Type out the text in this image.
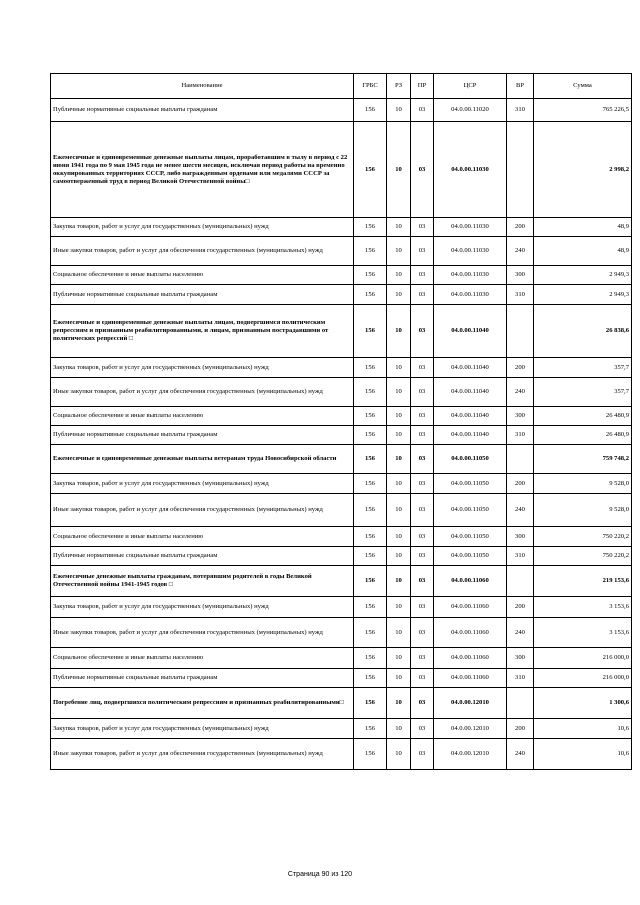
Наименование	ГРБС	РЗ	ПР	ЦСР	ВР	Сумма
Публичные нормативные социальные выплаты гражданам	156	10	03	04.0.00.11020	310	765 226,5
Ежемесячные и единовременные денежные выплаты лицам, проработавшим в тылу в период с 22 июня 1941 года по 9 мая 1945 года не менее шести месяцев, исключая период работы на временно оккупированных территориях СССР, либо награжденным орденами или медалями СССР за самоотверженный труд в период Великой Отечественной войны□	156	10	03	04.0.00.11030		2 998,2
Закупка товаров, работ и услуг для государственных (муниципальных) нужд	156	10	03	04.0.00.11030	200	48,9
Иные закупки товаров, работ и услуг для обеспечения государственных (муниципальных) нужд	156	10	03	04.0.00.11030	240	48,9
Социальное обеспечение и иные выплаты населению	156	10	03	04.0.00.11030	300	2 949,3
Публичные нормативные социальные выплаты гражданам	156	10	03	04.0.00.11030	310	2 949,3
Ежемесячные и единовременные денежные выплаты лицам, подвергшимся политическим репрессиям и признанным реабилитированными, и лицам, признанным пострадавшими от политических репрессий □	156	10	03	04.0.00.11040		26 838,6
Закупка товаров, работ и услуг для государственных (муниципальных) нужд	156	10	03	04.0.00.11040	200	357,7
Иные закупки товаров, работ и услуг для обеспечения государственных (муниципальных) нужд	156	10	03	04.0.00.11040	240	357,7
Социальное обеспечение и иные выплаты населению	156	10	03	04.0.00.11040	300	26 480,9
Публичные нормативные социальные выплаты гражданам	156	10	03	04.0.00.11040	310	26 480,9
Ежемесячные и единовременные денежные выплаты ветеранам труда Новосибирской области	156	10	03	04.0.00.11050		759 748,2
Закупка товаров, работ и услуг для государственных (муниципальных) нужд	156	10	03	04.0.00.11050	200	9 528,0
Иные закупки товаров, работ и услуг для обеспечения государственных (муниципальных) нужд	156	10	03	04.0.00.11050	240	9 528,0
Социальное обеспечение и иные выплаты населению	156	10	03	04.0.00.11050	300	750 220,2
Публичные нормативные социальные выплаты гражданам	156	10	03	04.0.00.11050	310	750 220,2
Ежемесячные денежные выплаты гражданам, потерявшим родителей в годы Великой Отечественной войны 1941-1945 годов □	156	10	03	04.0.00.11060		219 153,6
Закупка товаров, работ и услуг для государственных (муниципальных) нужд	156	10	03	04.0.00.11060	200	3 153,6
Иные закупки товаров, работ и услуг для обеспечения государственных (муниципальных) нужд	156	10	03	04.0.00.11060	240	3 153,6
Социальное обеспечение и иные выплаты населению	156	10	03	04.0.00.11060	300	216 000,0
Публичные нормативные социальные выплаты гражданам	156	10	03	04.0.00.11060	310	216 000,0
Погребение лиц, подвергшихся политическим репрессиям и признанных реабилитированными□	156	10	03	04.0.00.12010		1 300,6
Закупка товаров, работ и услуг для государственных (муниципальных) нужд	156	10	03	04.0.00.12010	200	10,6
Иные закупки товаров, работ и услуг для обеспечения государственных (муниципальных) нужд	156	10	03	04.0.00.12010	240	10,6
Страница 90 из 120
